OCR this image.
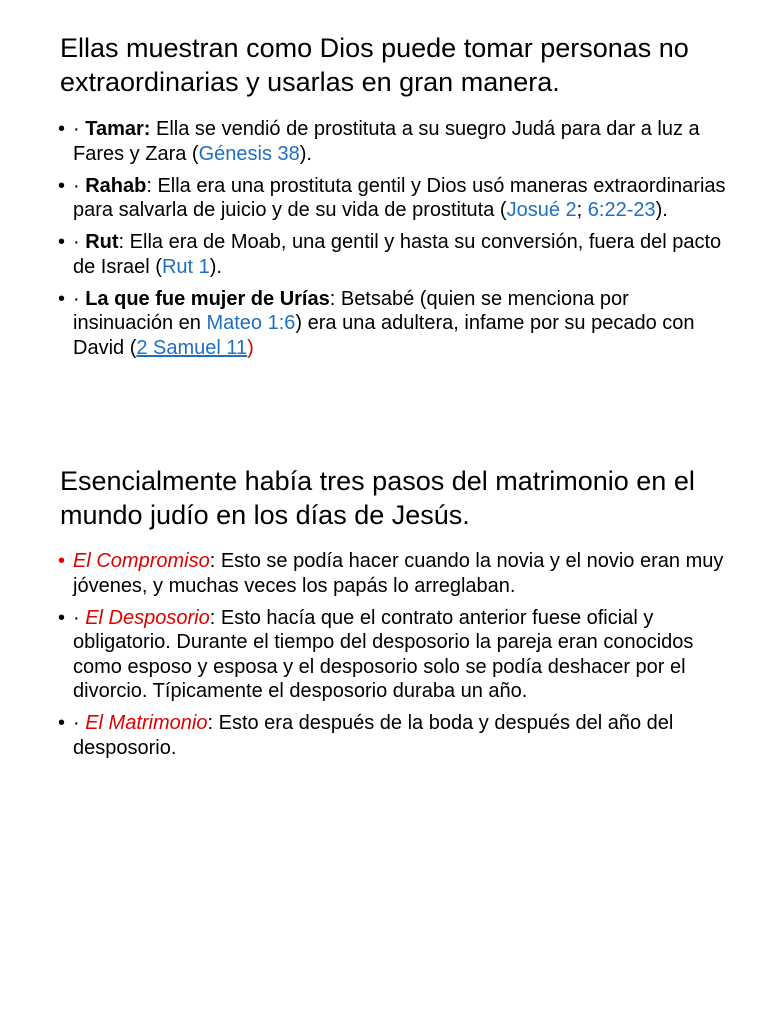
Ellas muestran como Dios puede tomar personas no extraordinarias y usarlas en gran manera.
• · Tamar: Ella se vendió de prostituta a su suegro Judá para dar a luz a Fares y Zara (Génesis 38).
• · Rahab: Ella era una prostituta gentil y Dios usó maneras extraordinarias para salvarla de juicio y de su vida de prostituta (Josué 2; 6:22-23).
• · Rut: Ella era de Moab, una gentil y hasta su conversión, fuera del pacto de Israel (Rut 1).
• · La que fue mujer de Urías: Betsabé (quien se menciona por insinuación en Mateo 1:6) era una adultera, infame por su pecado con David (2 Samuel 11)
Esencialmente había tres pasos del matrimonio en el mundo judío en los días de Jesús.
• El Compromiso: Esto se podía hacer cuando la novia y el novio eran muy jóvenes, y muchas veces los papás lo arreglaban.
• · El Desposorio: Esto hacía que el contrato anterior fuese oficial y obligatorio. Durante el tiempo del desposorio la pareja eran conocidos como esposo y esposa y el desposorio solo se podía deshacer por el divorcio. Típicamente el desposorio duraba un año.
• · El Matrimonio: Esto era después de la boda y después del año del desposorio.
